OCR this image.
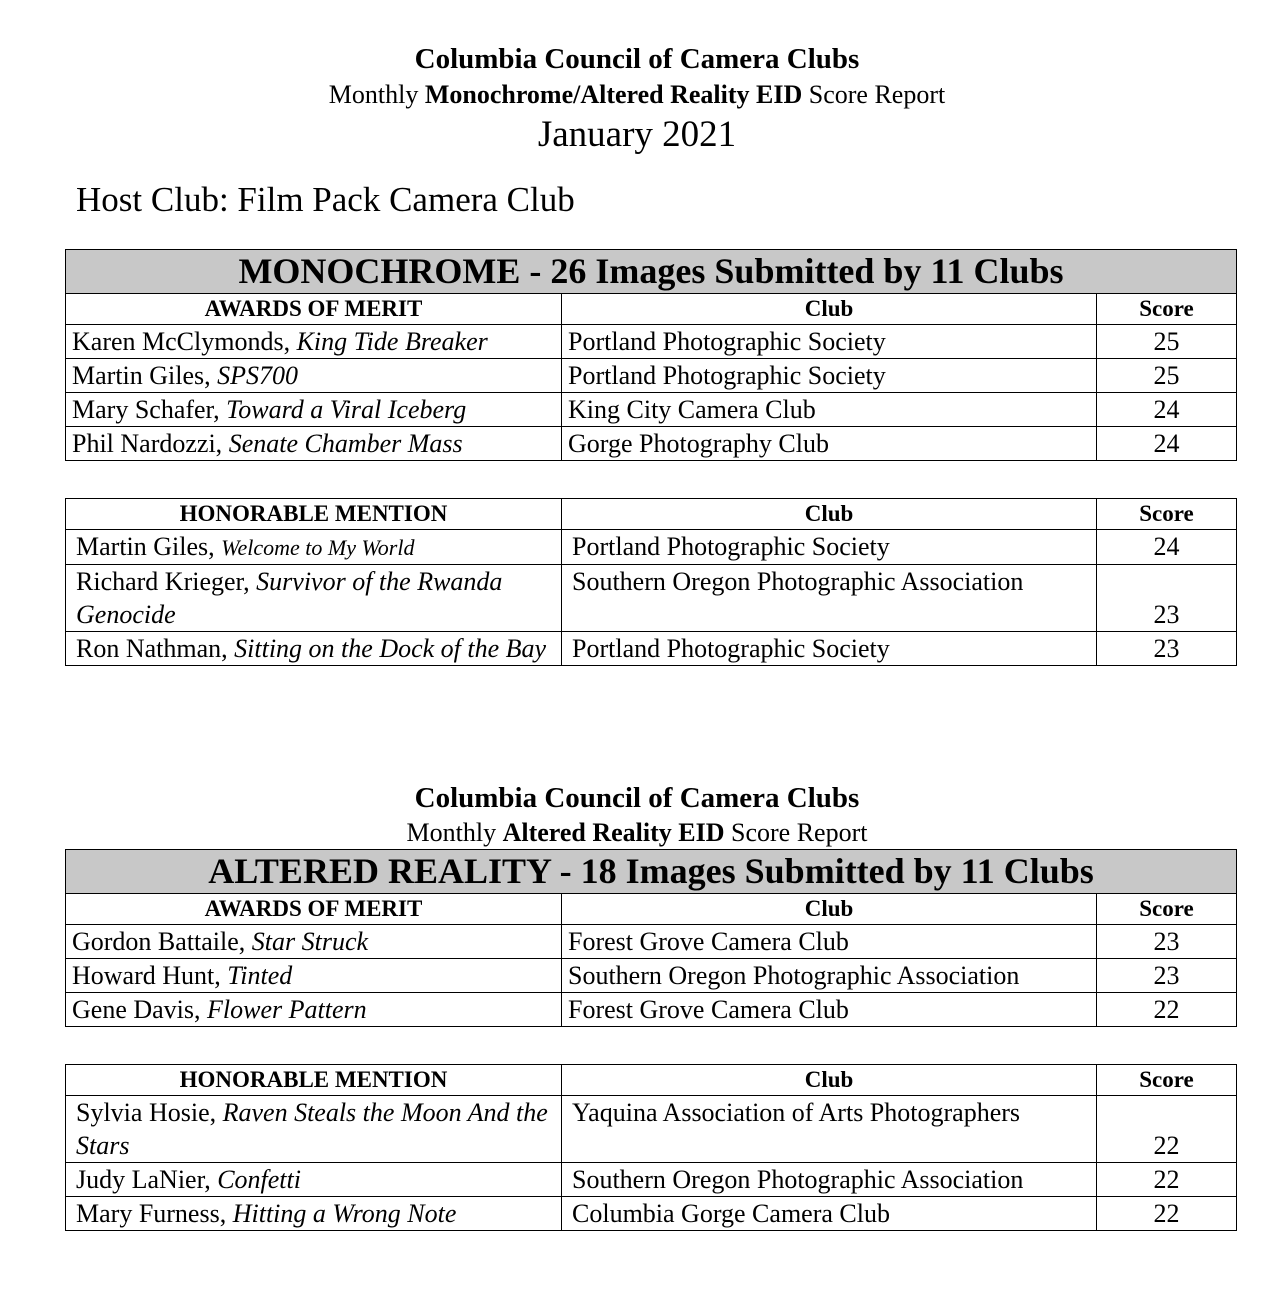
Columbia Council of Camera Clubs
Monthly Monochrome/Altered Reality EID Score Report
January 2021
Host Club: Film Pack Camera Club
MONOCHROME - 26 Images Submitted by 11 Clubs		
AWARDS OF MERIT	Club	Score
Karen McClymonds, King Tide Breaker	Portland Photographic Society	25
Martin Giles, SPS700	Portland Photographic Society	25
Mary Schafer, Toward a Viral Iceberg	King City Camera Club	24
Phil Nardozzi, Senate Chamber Mass	Gorge Photography Club	24
HONORABLE MENTION	Club	Score
Martin Giles, Welcome to My World	Portland Photographic Society	24
Richard Krieger, Survivor of the Rwanda Genocide	Southern Oregon Photographic Association	23
Ron Nathman, Sitting on the Dock of the Bay	Portland Photographic Society	23
Columbia Council of Camera Clubs
Monthly Altered Reality EID Score Report
ALTERED REALITY - 18 Images Submitted by 11 Clubs		
AWARDS OF MERIT	Club	Score
Gordon Battaile, Star Struck	Forest Grove Camera Club	23
Howard Hunt, Tinted	Southern Oregon Photographic Association	23
Gene Davis, Flower Pattern	Forest Grove Camera Club	22
HONORABLE MENTION	Club	Score
Sylvia Hosie, Raven Steals the Moon And the Stars	Yaquina Association of Arts Photographers	22
Judy LaNier, Confetti	Southern Oregon Photographic Association	22
Mary Furness, Hitting a Wrong Note	Columbia Gorge Camera Club	22
